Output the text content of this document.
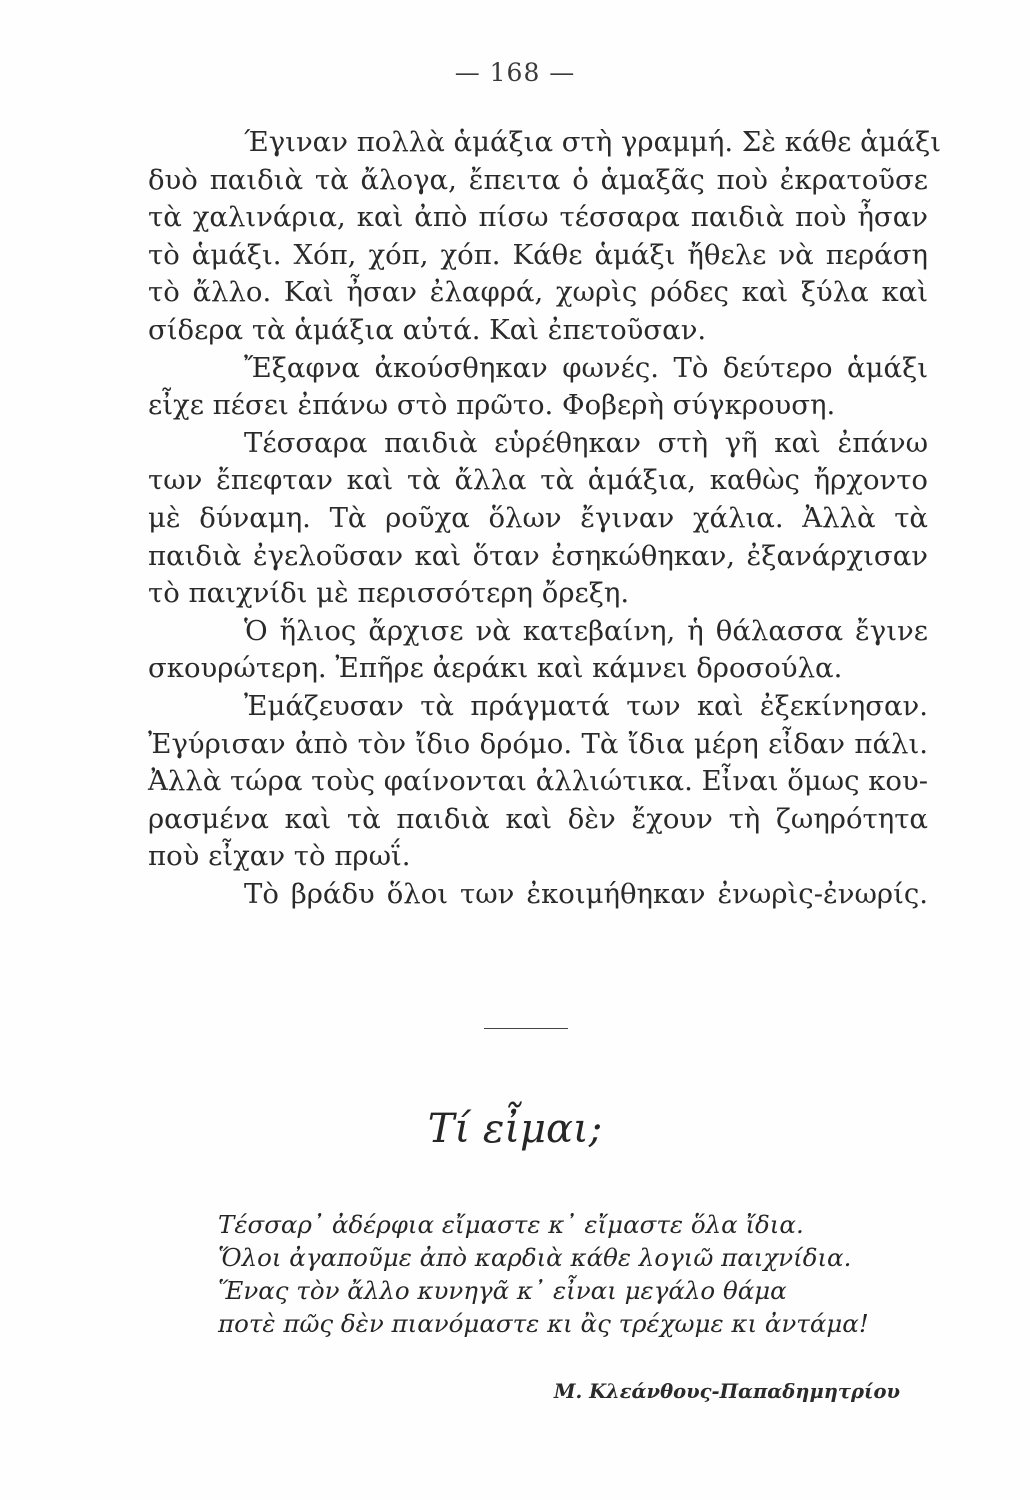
— 168 —
Έγιναν πολλὰ ἁμάξια στὴ γραμμή. Σὲ κάθε ἁμάξι
δυὸ παιδιὰ τὰ ἄλογα, ἔπειτα ὁ ἁμαξᾶς ποὺ ἐκρατοῦσε
τὰ χαλινάρια, καὶ ἀπὸ πίσω τέσσαρα παιδιὰ ποὺ ἦσαν
τὸ ἁμάξι. Χόπ, χόπ, χόπ. Κάθε ἁμάξι ἤθελε νὰ περάση
τὸ ἄλλο. Καὶ ἦσαν ἐλαφρά, χωρὶς ρόδες καὶ ξύλα καὶ
σίδερα τὰ ἁμάξια αὐτά. Καὶ ἐπετοῦσαν.
Ἔξαφνα ἀκούσθηκαν φωνές. Τὸ δεύτερο ἁμάξι
εἶχε πέσει ἐπάνω στὸ πρῶτο. Φοβερὴ σύγκρουση.
Τέσσαρα παιδιὰ εὑρέθηκαν στὴ γῆ καὶ ἐπάνω
των ἔπεφταν καὶ τὰ ἄλλα τὰ ἁμάξια, καθὼς ἤρχοντο
μὲ δύναμη. Τὰ ροῦχα ὅλων ἔγιναν χάλια. Ἀλλὰ τὰ
παιδιὰ ἐγελοῦσαν καὶ ὅταν ἐσηκώθηκαν, ἐξανάρχισαν
τὸ παιχνίδι μὲ περισσότερη ὄρεξη.
Ὁ ἥλιος ἄρχισε νὰ κατεβαίνη, ἡ θάλασσα ἔγινε
σκουρώτερη. Ἐπῆρε ἀεράκι καὶ κάμνει δροσούλα.
Ἐμάζευσαν τὰ πράγματά των καὶ ἐξεκίνησαν.
Ἐγύρισαν ἀπὸ τὸν ἴδιο δρόμο. Τὰ ἴδια μέρη εἶδαν πάλι.
Ἀλλὰ τώρα τοὺς φαίνονται ἀλλιώτικα. Εἶναι ὅμως κου-
ρασμένα καὶ τὰ παιδιὰ καὶ δὲν ἔχουν τὴ ζωηρότητα
ποὺ εἶχαν τὸ πρωΐ.
Τὸ βράδυ ὅλοι των ἐκοιμήθηκαν ἐνωρὶς-ἐνωρίς.
Τί εἶμαι;
Τέσσαρ᾽ ἀδέρφια εἴμαστε κ᾽ εἴμαστε ὅλα ἴδια.
Ὅλοι ἀγαποῦμε ἀπὸ καρδιὰ κάθε λογιῶ παιχνίδια.
Ἕνας τὸν ἄλλο κυνηγᾶ κ᾽ εἶναι μεγάλο θάμα
ποτὲ πῶς δὲν πιανόμαστε κι ἂς τρέχωμε κι ἀντάμα!
Μ. Κλεάνθους-Παπαδημητρίου
